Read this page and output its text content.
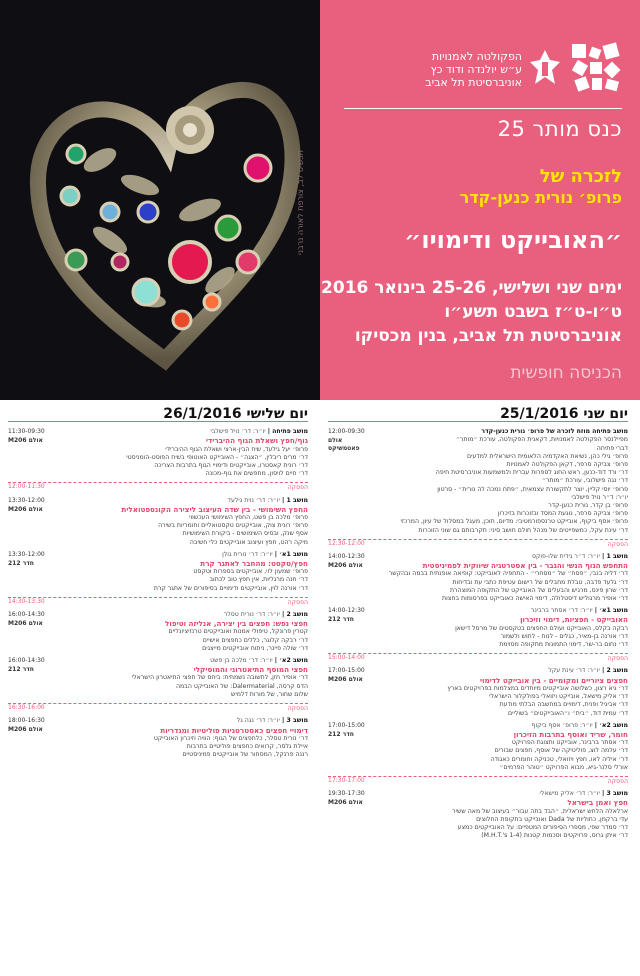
תכשיט לב, צורפת לאורה נרבני
הפקולטה לאמנויות
ע״ש יולנדה ודוד כץ
אוניברסיטת תל אביב
כנס מותר 25
לזכרה של
פרופ׳ נורית כנען-קדר
״האובייקט ודימויו״
ימים שני ושלישי, 25-26 בינואר 2016
ט״ו-ט״ז בשבט תשע״ו
אוניברסיטת תל אביב, בנין מכסיקו
הכניסה חופשית
יום שני 25/1/2016
12:00-09:30
אולם פאטמשיקס
מושב פתיחה מוזח לזכרה של פרופ׳ נורית כנען-קדר
מפיילנסר הפקולטה לאמנויות, דקאנית הפקולטה, עורכת ״מותר״
דברי פתיחה
פרופ׳ גילי כהן, נשיאת האקדמיה הלאומית הישראלית למדעים
פרופ׳ צביקה סרפר, דקאן הפקולטה לאמנויות
דר׳ ורד דוד-כנען, ראש החוג לספרות עברית ולמשמעות אוניברסיטת חיפה
דר׳ נגה פישלובי, עורכת ״מותר״
פרופ׳ יוסי קליין, יוצר לתקשורת עצמאית, ״פתח נמכה לה נורית״ - סרטון
יו״ר: ד״ר נויל פישלבי
פרופ׳ בן קדר, נורית כנען-קדר
פרופ׳ צביקה סרפר, נוגעת המסד ובזוכרות בזיכרון
פרופ׳ אסף ביקוף, אובייקט טרנספורמטיבי: מדיום, תוכן, מעגל במסלול של עיון, המרכזי
דר׳ עינת עקל, כמשפייטים של מנהל חולם חושב סיני: תקרבותם גם שוני הזוכרות
12:30-12:00	הפסקה
14:00-12:30
אולם M206
מושב 1 | יו״ר: ד״ר גידית שלו-פוקס
התחפש הגוף הנשי והגבר - בין אסטרטגיה שיווקית לפמיניסטית
דר׳ דליה בנבי, ״פסח״ של ״מסחרי״ - התחפיה לאובייקט: קופיאה אופנתית בבמה ובהקשר
דר׳ גלעד פדבה, טבלת מחבלים של רישום עטיפת כתבי עת ובדיחות
דר׳ שרון פינס, מרגיש והבעלים של האובייקט של התקופה המוצהרת
דר׳ אופיר מרגוליש דיסטלולה, דימוי האישה כאובייקט בפרסומות בחצות
14:00-12:30
חדר 212
מושב 1א׳ | יו״ר: דר׳ אסתר ברבינר
האובייקט - חפציות, דימוי וזיכרון
רבקה בקלס, האובייקט ועולם החפצים בטקסטים של מרסל דישאן
דר׳ אורנה בן-מאיר, כגלים - לנוח - לתוש ולשמור
דר׳ נחום בר-שר, דימוי התמונות מתקופה מסוימת
15:00-14:00	הפסקה
17:00-15:00
אולם M206
מושב 2 | יו״ר: דר׳ עינת עקל
חפצים ציוריים ומקומיים - בין אובייקט לדימוי
דר׳ גיא רצון, כשלושה אובייקטים מיוחדים במצלמות בפרויקטים בארץ
דר׳ אליק מישאל, אובייקט ויזואלי בפולקלור הישראלי
דר׳ אביגיל ופנית, דימויים במחשבה הבלתי מודעת
דר׳ עמית דוד, ״בית״ ו״האובייקטים״ בשוליים
17:00-15:00
חדר 212
מושב 2א׳ | יו״ר: פרופ׳ אסף ביקוף
חומר, שריד ואוסף בתרבות הזיכרון
דר׳ אסתר ברבינר, אובייקט ותצוגת הפרויקט
דר׳ עלמה לוצ, פוליטיקה של אוסף, חפצים שבורים
דר׳ איליה לאו, חפץ ויזואלי, טכניקה וחומרים כאגודה
אורלי סלנר-גיא, מבוא הפרויקט ״טוהר הפרמים״
17:30-17:00	הפסקה
19:30-17:30
אולם M206
מושב 3 | יו״ר: דר׳ אליק מישאלי
חפץ ואמן בישראל
ארלאלה הלחש ישראלית, ״הבד בתה עבור״ בעיצוב של מאה ששיר
עדי ברקמן, כחוליות של Dada ואובייקט בתקופת החלוצים
דר׳ סמדר שפי, מספרי הסיפורים המטפיים: על האובייקטים כמצע
דר׳ איתן גרוס, פרויקטים וסכמות קטנות (M.H.T.'s 1-4)
יום שלישי 26/1/2016
11:30-09:30
אולם M206
מושב פתיחה | יו״ר: דר׳ נויל פישלבי
גוף/חפץ ושאלת הגוף ההיברידי
פרופ׳ יעל גילעד, שיח הבין-ארצי ושאלת הגוף ההיברידי
דר׳ מרים ריבלין, ״הצגה״ - האובייקט האוטופי בשיח הפוסט-הומניסטי
דר׳ רונית קאסטרו, אובייקטים ודימויי הגוף בתרבות הצריכה
דר׳ חיים לויסון, מחפשים את גוף-מכונה
12:00-11:30	הפסקה
13:30-12:00
אולם M206
מושב 1 | יו״ר: דר׳ נוית גילעד
החפץ השימושי - בין שדה העיצוב ליצירה הקונספטואלית
פרופ׳ מלכה בן פשט, החפץ השימושי העכשווי
פרופ׳ רונית צוק, אובייקטים טקסטואליים וחומריות בשירה
אסף שנק, ובסיס השימושים - ביקורת השימושיות
מיקה רהט, חפץ ועיצוב אובייקטים כלי חשיבה
13:30-12:00
חדר 212
מושב 1א׳ | יו״ר: דר׳ נורית גולן
חפץ/טקסט: מהחבר לאתגר קרת
פרופ׳ שמעון לוי, אובייקטים בספרות וטקסט
דר׳ חנה מרגליות, אין חפץ טוב לכתוב
דר׳ אורנה לוין, אובייקטים ודימויים בסיפורים של אתגר קרת
14:30-13:30	הפסקה
16:00-14:30
אולם M206
מושב 2 | יו״ר: דר׳ נורית טסלר
חפצי נפש: חפצים בין יצירה, אנליזה וטיפול
קטרין פרונקל, טיפולי אמנות ואובייקטים טרנזיציונליים
דר׳ רבקה קלוגר, כללים כחפצים אישיים
דר׳ שולה פיינר, ניתוח אובייקטים מייצגים
16:00-14:30
חדר 212
מושב 2א׳ | יו״ר: דר׳ מלכה בן פשט
חפצי המוסף התיאטרוני והמוסיקלי
דר׳ אופיר חזן, לתשובה נשמתית: ביחס של חפצי התיאטרון הישראלי
הדס קרסה, Dalermaterial: של האובייקט הבמה
שלום שחור, של מורות דלמיש
16:30-16:00	הפסקה
18:00-16:30
אולם M206
מושב 3 | יו״ר: דר׳ נגה גל
דימויי חפצים כאסטרטגיות פוליטיות ומגדריות
דר׳ נורית טסלר, כלחפצים של הגוף: הוויה וזיכרון האובייקט
איילת גלסר, קרואים כחפצים פוליטיים בתרבות
רננה פרנקל, המסחור של אובייקטים פמיניסטיים
